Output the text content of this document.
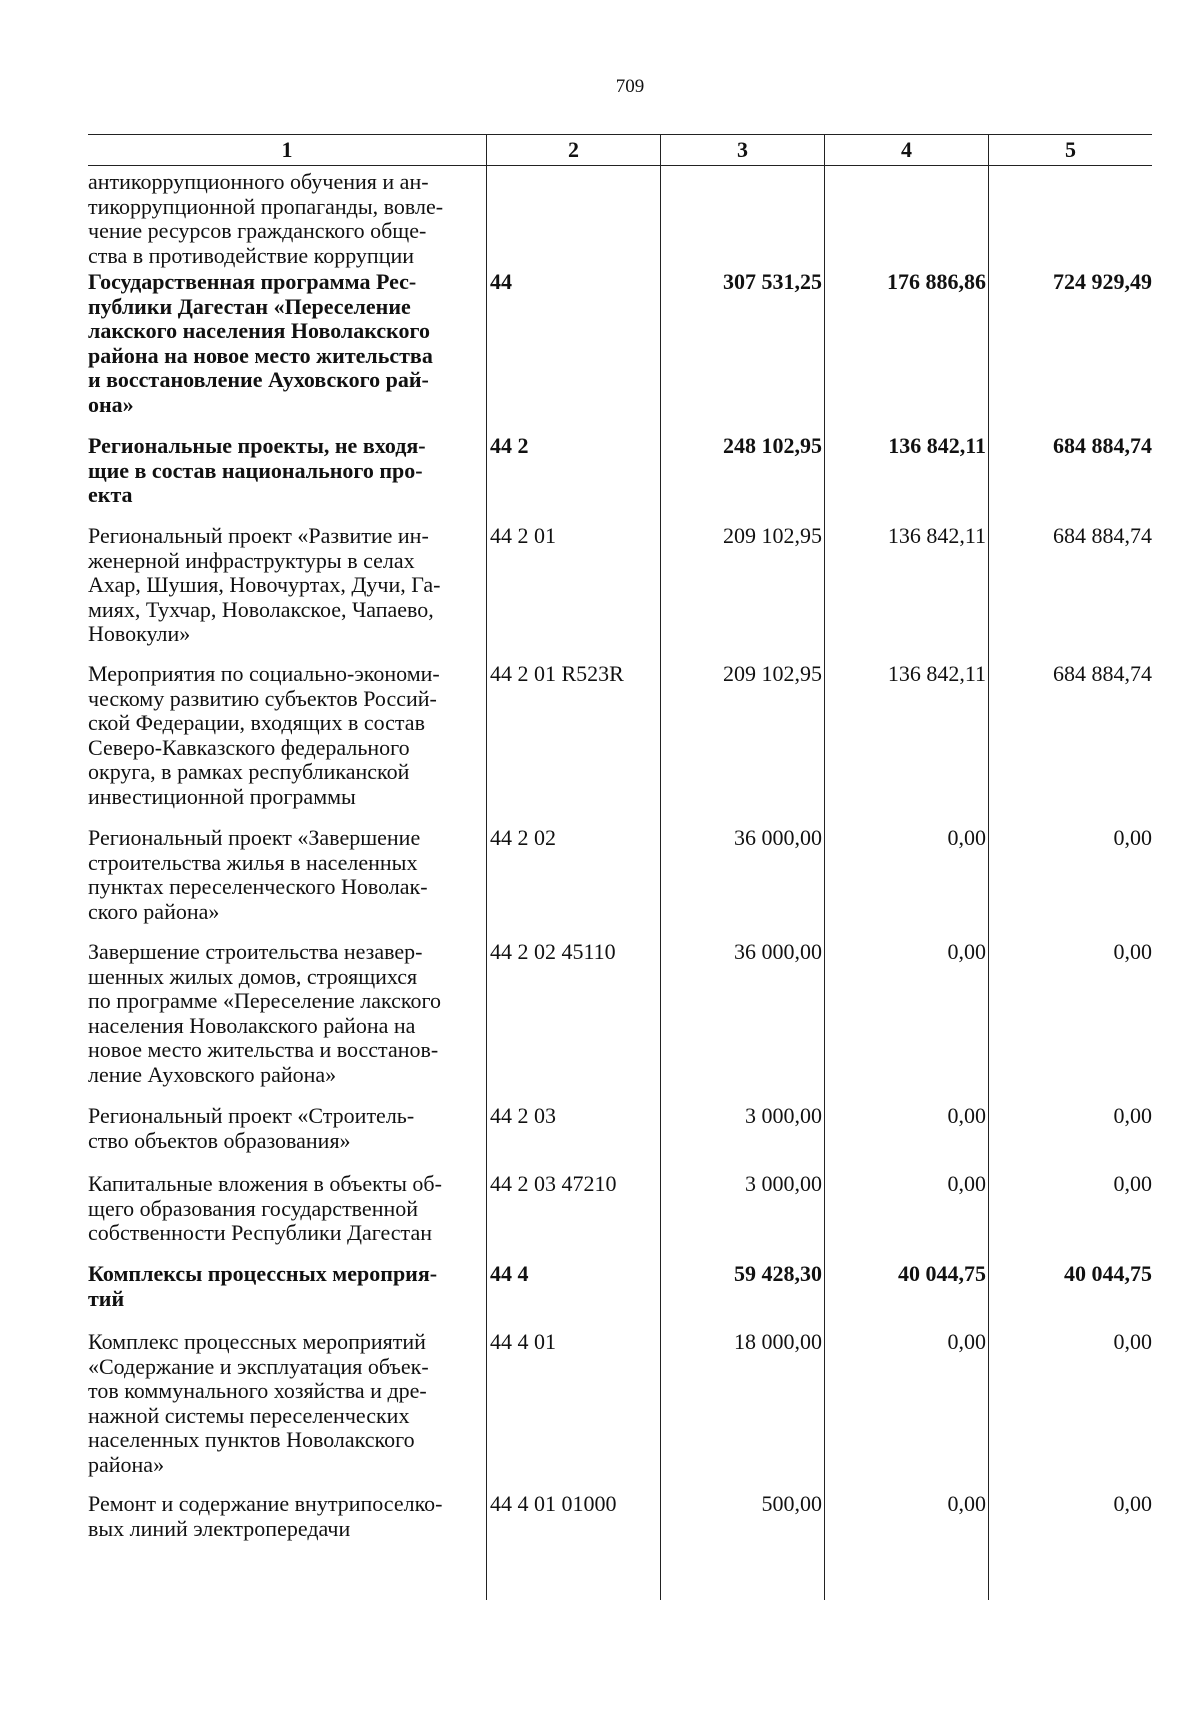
709
1	2	3	4	5
антикоррупционного обучения и ан-
тикоррупционной пропаганды, вовле-
чение ресурсов гражданского обще-
ства в противодействие коррупции
Государственная программа Рес-
публики Дагестан «Переселение
лакского населения Новолакского
района на новое место жительства
и восстановление Ауховского рай-
она»
44	307 531,25	176 886,86	724 929,49
Региональные проекты, не входя-
щие в состав национального про-
екта
44 2	248 102,95	136 842,11	684 884,74
Региональный проект «Развитие ин-
женерной инфраструктуры в селах
Ахар, Шушия, Новочуртах, Дучи, Га-
миях, Тухчар, Новолакское, Чапаево,
Новокули»
44 2 01	209 102,95	136 842,11	684 884,74
Мероприятия по социально-экономи-
ческому развитию субъектов Россий-
ской Федерации, входящих в состав
Северо-Кавказского федерального
округа, в рамках республиканской
инвестиционной программы
44 2 01 R523R	209 102,95	136 842,11	684 884,74
Региональный проект «Завершение
строительства жилья в населенных
пунктах переселенческого Новолак-
ского района»
44 2 02	36 000,00	0,00	0,00
Завершение строительства незавер-
шенных жилых домов, строящихся
по программе «Переселение лакского
населения Новолакского района на
новое место жительства и восстанов-
ление Ауховского района»
44 2 02 45110	36 000,00	0,00	0,00
Региональный проект «Строитель-
ство объектов образования»
44 2 03	3 000,00	0,00	0,00
Капитальные вложения в объекты об-
щего образования государственной
собственности Республики Дагестан
44 2 03 47210	3 000,00	0,00	0,00
Комплексы процессных мероприя-
тий
44 4	59 428,30	40 044,75	40 044,75
Комплекс процессных мероприятий
«Содержание и эксплуатация объек-
тов коммунального хозяйства и дре-
нажной системы переселенческих
населенных пунктов Новолакского
района»
44 4 01	18 000,00	0,00	0,00
Ремонт и содержание внутрипоселко-
вых линий электропередачи
44 4 01 01000	500,00	0,00	0,00
